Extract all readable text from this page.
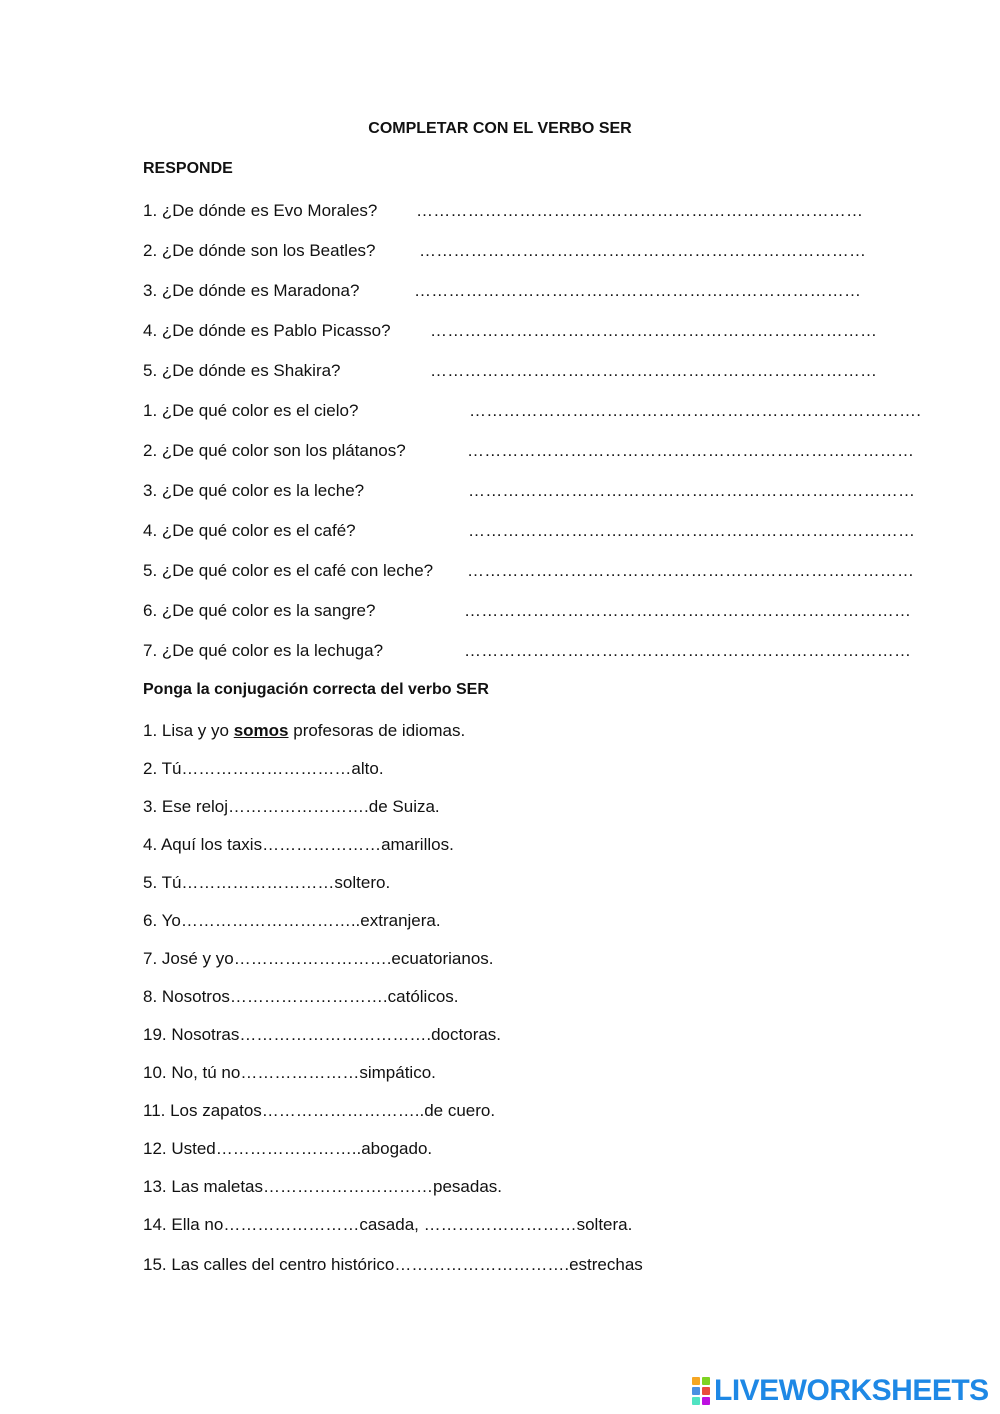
COMPLETAR CON EL VERBO SER
RESPONDE
1. ¿De dónde es Evo Morales? ……………………………………………………………………
2. ¿De dónde son los Beatles?	……………………………………………………………………
3. ¿De dónde es Maradona?	……………………………………………………………………
4. ¿De dónde es Pablo Picasso? ……………………………………………………………………
5. ¿De dónde es Shakira?	……………………………………………………………………
1. ¿De qué color es el cielo?	…………………………………………………………………….
2. ¿De qué color son los plátanos?	……………………………………………………………………
3. ¿De qué color es la leche?	……………………………………………………………………
4. ¿De qué color es el café?	……………………………………………………………………
5. ¿De qué color es el café con leche? ……………………………………………………………………
6. ¿De qué color es la sangre?	……………………………………………………………………
7. ¿De qué color es la lechuga?	……………………………………………………………………
Ponga la conjugación correcta del verbo SER
1. Lisa y yo somos profesoras de idiomas.
2. Tú…………………………alto.
3. Ese reloj…………………….de Suiza.
4. Aquí los taxis…………………amarillos.
5. Tú………………………soltero.
6. Yo…………………………..extranjera.
7. José y yo……………………….ecuatorianos.
8. Nosotros……………………….católicos.
19. Nosotras…………………………….doctoras.
10. No, tú no…………………simpático.
11. Los zapatos………………………..de cuero.
12. Usted……………………..abogado.
13. Las maletas…………………………pesadas.
14. Ella no……………………casada, ………………………soltera.
15. Las calles del centro histórico………………………….estrechas
LIVEWORKSHEETS
